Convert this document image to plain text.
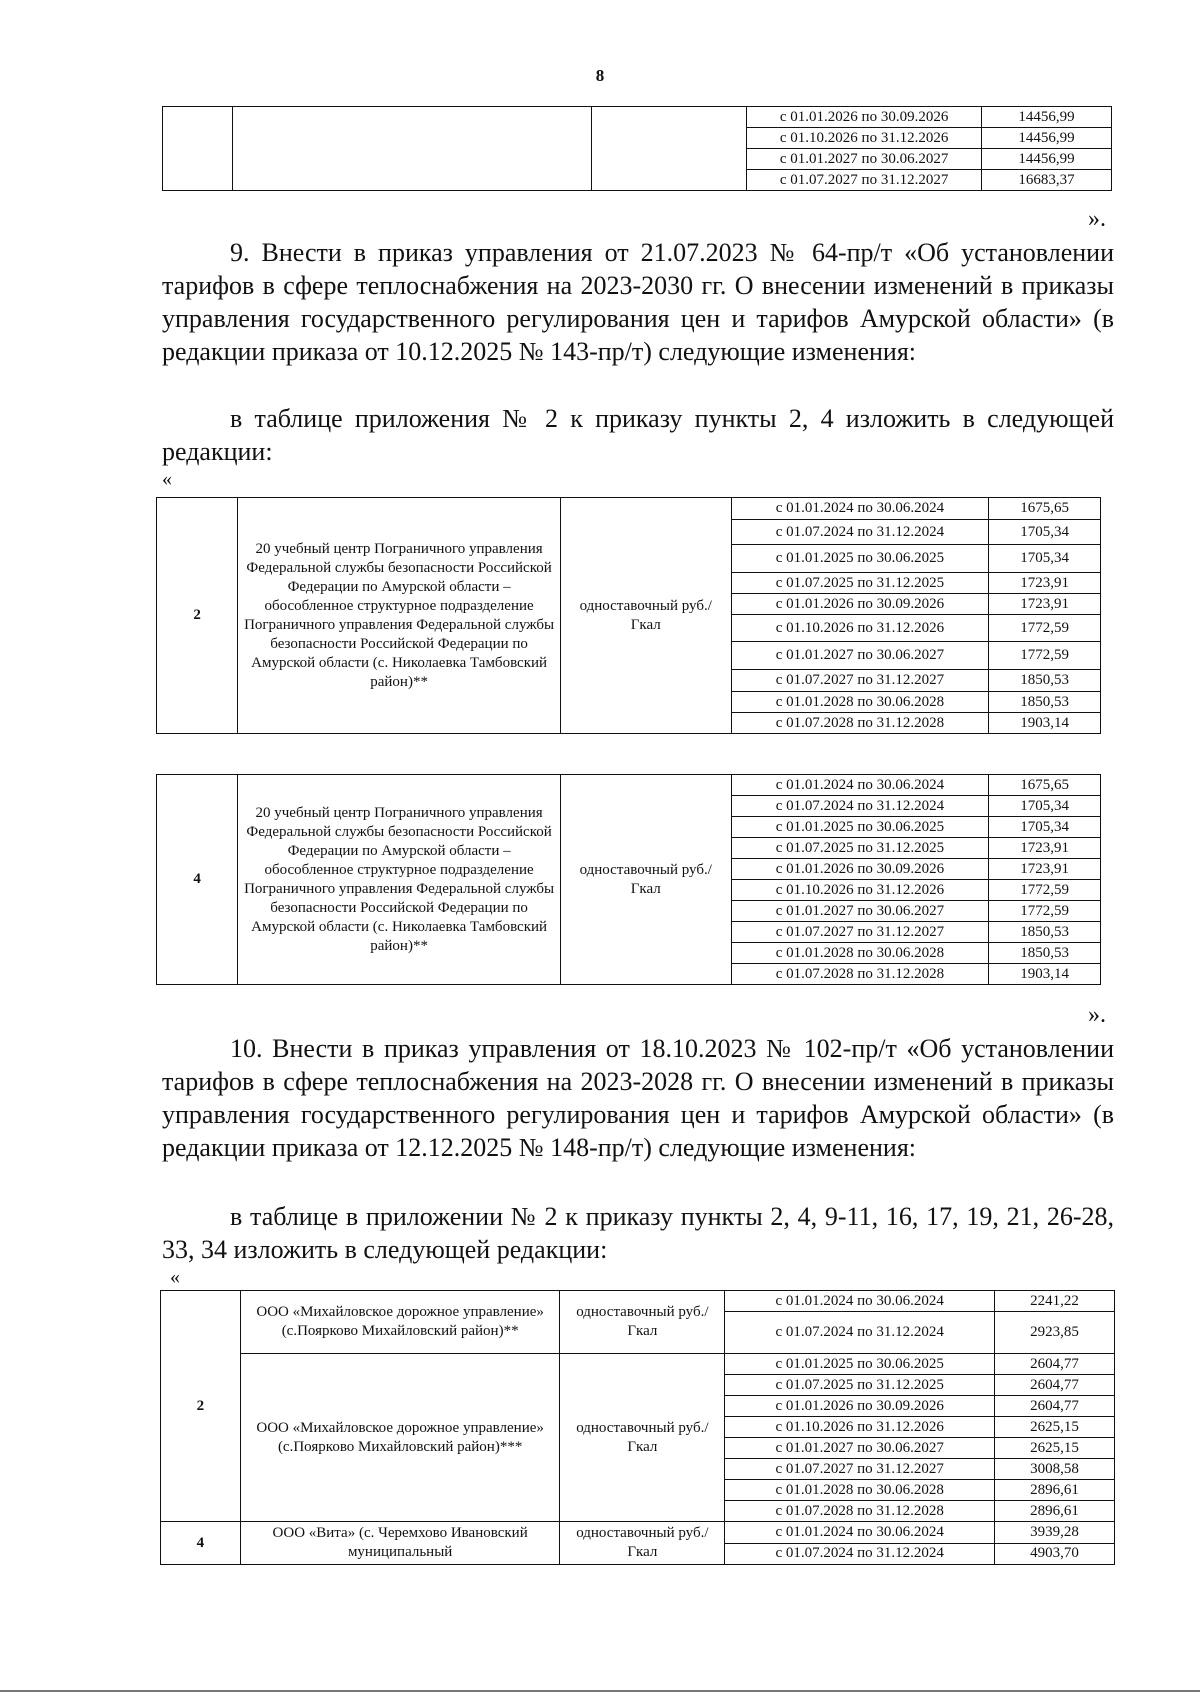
8
			с 01.01.2026 по 30.09.2026	14456,99
			с 01.10.2026 по 31.12.2026	14456,99
			с 01.01.2027 по 30.06.2027	14456,99
			с 01.07.2027 по 31.12.2027	16683,37
».
9. Внести в приказ управления от 21.07.2023 № 64-пр/т «Об установлении тарифов в сфере теплоснабжения на 2023-2030 гг. О внесении изменений в приказы управления государственного регулирования цен и тарифов Амурской области» (в редакции приказа от 10.12.2025 № 143-пр/т) следующие изменения:
в таблице приложения № 2 к приказу пункты 2, 4 изложить в следующей редакции:
«
2	20 учебный центр Пограничного управления Федеральной службы безопасности Российской Федерации по Амурской области – обособленное структурное подразделение Пограничного управления Федеральной службы безопасности Российской Федерации по Амурской области (с. Николаевка Тамбовский район)**	одноставочный руб./Гкал	с 01.01.2024 по 30.06.2024	1675,65
			с 01.07.2024 по 31.12.2024	1705,34
			с 01.01.2025 по 30.06.2025	1705,34
			с 01.07.2025 по 31.12.2025	1723,91
			с 01.01.2026 по 30.09.2026	1723,91
			с 01.10.2026 по 31.12.2026	1772,59
			с 01.01.2027 по 30.06.2027	1772,59
			с 01.07.2027 по 31.12.2027	1850,53
			с 01.01.2028 по 30.06.2028	1850,53
			с 01.07.2028 по 31.12.2028	1903,14
4	20 учебный центр Пограничного управления Федеральной службы безопасности Российской Федерации по Амурской области – обособленное структурное подразделение Пограничного управления Федеральной службы безопасности Российской Федерации по Амурской области (с. Николаевка Тамбовский район)**	одноставочный руб./Гкал	с 01.01.2024 по 30.06.2024	1675,65
			с 01.07.2024 по 31.12.2024	1705,34
			с 01.01.2025 по 30.06.2025	1705,34
			с 01.07.2025 по 31.12.2025	1723,91
			с 01.01.2026 по 30.09.2026	1723,91
			с 01.10.2026 по 31.12.2026	1772,59
			с 01.01.2027 по 30.06.2027	1772,59
			с 01.07.2027 по 31.12.2027	1850,53
			с 01.01.2028 по 30.06.2028	1850,53
			с 01.07.2028 по 31.12.2028	1903,14
».
10. Внести в приказ управления от 18.10.2023 № 102-пр/т «Об установлении тарифов в сфере теплоснабжения на 2023-2028 гг. О внесении изменений в приказы управления государственного регулирования цен и тарифов Амурской области» (в редакции приказа от 12.12.2025 № 148-пр/т) следующие изменения:
в таблице в приложении № 2 к приказу пункты 2, 4, 9-11, 16, 17, 19, 21, 26-28, 33, 34 изложить в следующей редакции:
«
2	ООО «Михайловское дорожное управление» (с.Поярково Михайловский район)**	одноставочный руб./Гкал	с 01.01.2024 по 30.06.2024	2241,22
			с 01.07.2024 по 31.12.2024	2923,85
	ООО «Михайловское дорожное управление» (с.Поярково Михайловский район)***	одноставочный руб./Гкал	с 01.01.2025 по 30.06.2025	2604,77
			с 01.07.2025 по 31.12.2025	2604,77
			с 01.01.2026 по 30.09.2026	2604,77
			с 01.10.2026 по 31.12.2026	2625,15
			с 01.01.2027 по 30.06.2027	2625,15
			с 01.07.2027 по 31.12.2027	3008,58
			с 01.01.2028 по 30.06.2028	2896,61
			с 01.07.2028 по 31.12.2028	2896,61
4	ООО «Вита» (с. Черемхово Ивановский муниципальный	одноставочный руб./Гкал	с 01.01.2024 по 30.06.2024	3939,28
			с 01.07.2024 по 31.12.2024	4903,70
